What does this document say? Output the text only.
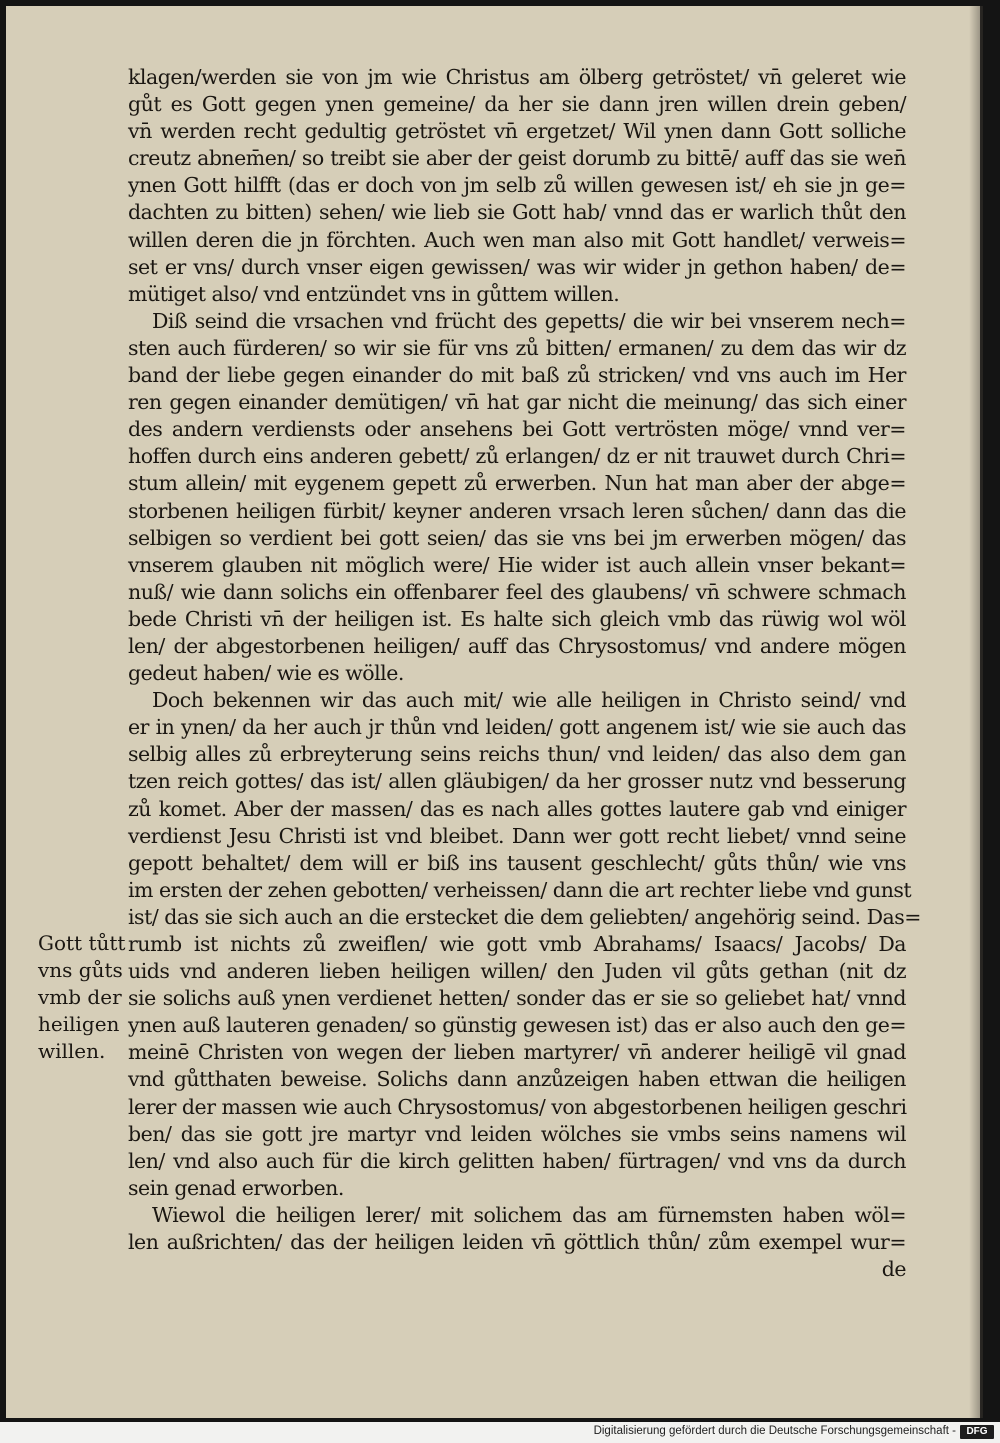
klagen/werden sie von jm wie Christus am ölberg getröstet/ vn̄ geleret wie
gůt es Gott gegen ynen gemeine/ da her sie dann jren willen drein geben/
vn̄ werden recht gedultig getröstet vn̄ ergetzet/ Wil ynen dann Gott solliche
creutz abnem̄en/ so treibt sie aber der geist dorumb zu bittē/ auff das sie wen̄
ynen Gott hilfft (das er doch von jm selb zů willen gewesen ist/ eh sie jn ge=
dachten zu bitten) sehen/ wie lieb sie Gott hab/ vnnd das er warlich thůt den
willen deren die jn förchten. Auch wen man also mit Gott handlet/ verweis=
set er vns/ durch vnser eigen gewissen/ was wir wider jn gethon haben/ de=
mütiget also/ vnd entzündet vns in gůttem willen.
Diß seind die vrsachen vnd frücht des gepetts/ die wir bei vnserem nech=
sten auch fürderen/ so wir sie für vns zů bitten/ ermanen/ zu dem das wir dz
band der liebe gegen einander do mit baß zů stricken/ vnd vns auch im Her
ren gegen einander demütigen/ vn̄ hat gar nicht die meinung/ das sich einer
des andern verdiensts oder ansehens bei Gott vertrösten möge/ vnnd ver=
hoffen durch eins anderen gebett/ zů erlangen/ dz er nit trauwet durch Chri=
stum allein/ mit eygenem gepett zů erwerben. Nun hat man aber der abge=
storbenen heiligen fürbit/ keyner anderen vrsach leren sůchen/ dann das die
selbigen so verdient bei gott seien/ das sie vns bei jm erwerben mögen/ das
vnserem glauben nit möglich were/ Hie wider ist auch allein vnser bekant=
nuß/ wie dann solichs ein offenbarer feel des glaubens/ vn̄ schwere schmach
bede Christi vn̄ der heiligen ist. Es halte sich gleich vmb das rüwig wol wöl
len/ der abgestorbenen heiligen/ auff das Chrysostomus/ vnd andere mögen
gedeut haben/ wie es wölle.
Doch bekennen wir das auch mit/ wie alle heiligen in Christo seind/ vnd
er in ynen/ da her auch jr thůn vnd leiden/ gott angenem ist/ wie sie auch das
selbig alles zů erbreyterung seins reichs thun/ vnd leiden/ das also dem gan
tzen reich gottes/ das ist/ allen gläubigen/ da her grosser nutz vnd besserung
zů komet. Aber der massen/ das es nach alles gottes lautere gab vnd einiger
verdienst Jesu Christi ist vnd bleibet. Dann wer gott recht liebet/ vnnd seine
gepott behaltet/ dem will er biß ins tausent geschlecht/ gůts thůn/ wie vns
im ersten der zehen gebotten/ verheissen/ dann die art rechter liebe vnd gunst
ist/ das sie sich auch an die erstecket die dem geliebten/ angehörig seind. Das=
rumb ist nichts zů zweiflen/ wie gott vmb Abrahams/ Isaacs/ Jacobs/ Da
uids vnd anderen lieben heiligen willen/ den Juden vil gůts gethan (nit dz
sie solichs auß ynen verdienet hetten/ sonder das er sie so geliebet hat/ vnnd
ynen auß lauteren genaden/ so günstig gewesen ist) das er also auch den ge=
meinē Christen von wegen der lieben martyrer/ vn̄ anderer heiligē vil gnad
vnd gůtthaten beweise. Solichs dann anzůzeigen haben ettwan die heiligen
lerer der massen wie auch Chrysostomus/ von abgestorbenen heiligen geschri
ben/ das sie gott jre martyr vnd leiden wölches sie vmbs seins namens wil
len/ vnd also auch für die kirch gelitten haben/ fürtragen/ vnd vns da durch
sein genad erworben.
Wiewol die heiligen lerer/ mit solichem das am fürnemsten haben wöl=
len außrichten/ das der heiligen leiden vn̄ göttlich thůn/ zům exempel wur=
de
Gott tůtt
vns gůts
vmb der
heiligen
willen.
Digitalisierung gefördert durch die Deutsche Forschungsgemeinschaft -	DFG
